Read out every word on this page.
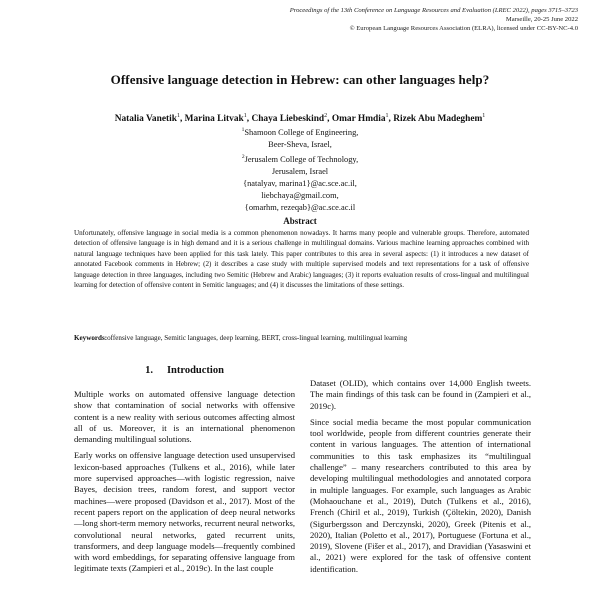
Proceedings of the 13th Conference on Language Resources and Evaluation (LREC 2022), pages 3715–3723
Marseille, 20-25 June 2022
© European Language Resources Association (ELRA), licensed under CC-BY-NC-4.0
Offensive language detection in Hebrew: can other languages help?
Natalia Vanetik$^1$, Marina Litvak$^1$, Chaya Liebeskind$^2$, Omar Hmdia$^1$, Rizek Abu Madeghem$^1$
$^1$Shamoon College of Engineering,
Beer-Sheva, Israel,
$^2$Jerusalem College of Technology,
Jerusalem, Israel
{natalyav, marina1}@ac.sce.ac.il,
liebchaya@gmail.com,
{omarhm, rezeqab}@ac.sce.ac.il
Abstract
Unfortunately, offensive language in social media is a common phenomenon nowadays. It harms many people and vulnerable groups. Therefore, automated detection of offensive language is in high demand and it is a serious challenge in multilingual domains. Various machine learning approaches combined with natural language techniques have been applied for this task lately. This paper contributes to this area in several aspects: (1) it introduces a new dataset of annotated Facebook comments in Hebrew; (2) it describes a case study with multiple supervised models and text representations for a task of offensive language detection in three languages, including two Semitic (Hebrew and Arabic) languages; (3) it reports evaluation results of cross-lingual and multilingual learning for detection of offensive content in Semitic languages; and (4) it discusses the limitations of these settings.
Keywords:offensive language, Semitic languages, deep learning, BERT, cross-lingual learning, multilingual learning
1. Introduction

Multiple works on automated offensive language detection show that contamination of social networks with offensive content is a new reality with serious outcomes affecting almost all of us. Moreover, it is an international phenomenon demanding multilingual solutions.

Early works on offensive language detection used unsupervised lexicon-based approaches (Tulkens et al., 2016), while later more supervised approaches—with logistic regression, naive Bayes, decision trees, random forest, and support vector machines—were proposed (Davidson et al., 2017). Most of the recent papers report on the application of deep neural networks—long short-term memory networks, recurrent neural networks, convolutional neural networks, gated recurrent units, transformers, and deep language models—frequently combined with word embeddings, for separating offensive language from legitimate texts (Zampieri et al., 2019c). In the last couple

Dataset (OLID), which contains over 14,000 English tweets. The main findings of this task can be found in (Zampieri et al., 2019c).

Since social media became the most popular communication tool worldwide, people from different countries generate their content in various languages. The attention of international communities to this task emphasizes its “multilingual challenge” – many researchers contributed to this area by developing multilingual methodologies and annotated corpora in multiple languages. For example, such languages as Arabic (Mohaouchane et al., 2019), Dutch (Tulkens et al., 2016), French (Chiril et al., 2019), Turkish (Çöltekin, 2020), Danish (Sigurbergsson and Derczynski, 2020), Greek (Pitenis et al., 2020), Italian (Poletto et al., 2017), Portuguese (Fortuna et al., 2019), Slovene (Fišer et al., 2017), and Dravidian (Yasaswini et al., 2021) were explored for the task of offensive content identification.
